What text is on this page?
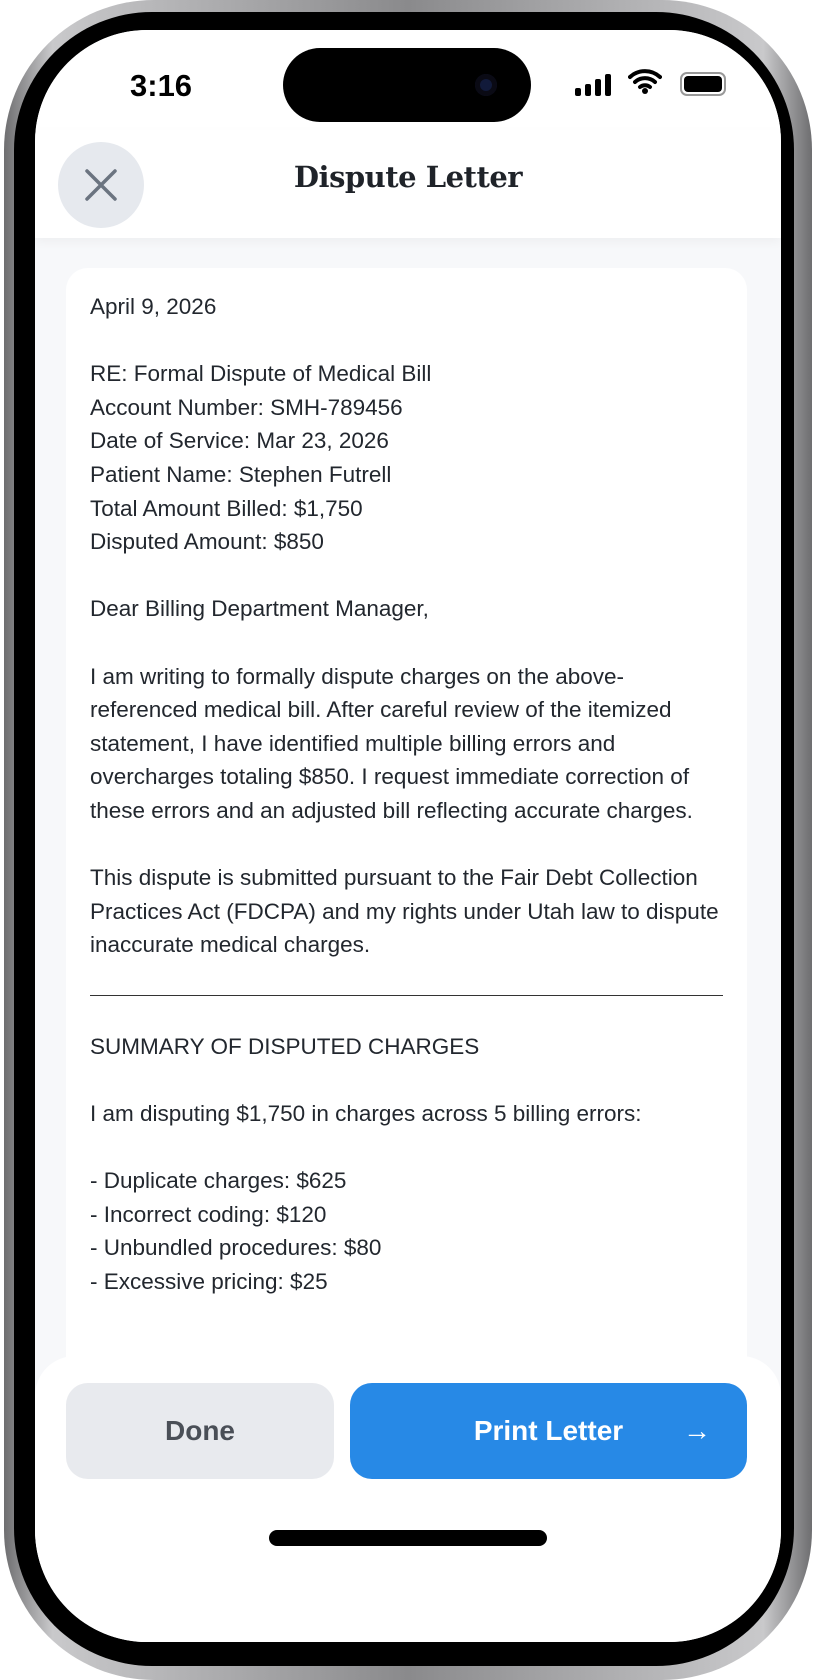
3:16
Dispute Letter

April 9, 2026

RE: Formal Dispute of Medical Bill

Account Number: SMH-789456

Date of Service: Mar 23, 2026

Patient Name: Stephen Futrell

Total Amount Billed: $1,750

Disputed Amount: $850

Dear Billing Department Manager,

I am writing to formally dispute charges on the above-referenced medical bill. After careful review of the itemized statement, I have identified multiple billing errors and overcharges totaling $850. I request immediate correction of these errors and an adjusted bill reflecting accurate charges.

This dispute is submitted pursuant to the Fair Debt Collection Practices Act (FDCPA) and my rights under Utah law to dispute inaccurate medical charges.

SUMMARY OF DISPUTED CHARGES

I am disputing $1,750 in charges across 5 billing errors:

- Duplicate charges: $625

- Incorrect coding: $120

- Unbundled procedures: $80

- Excessive pricing: $25

Done	Print Letter →
